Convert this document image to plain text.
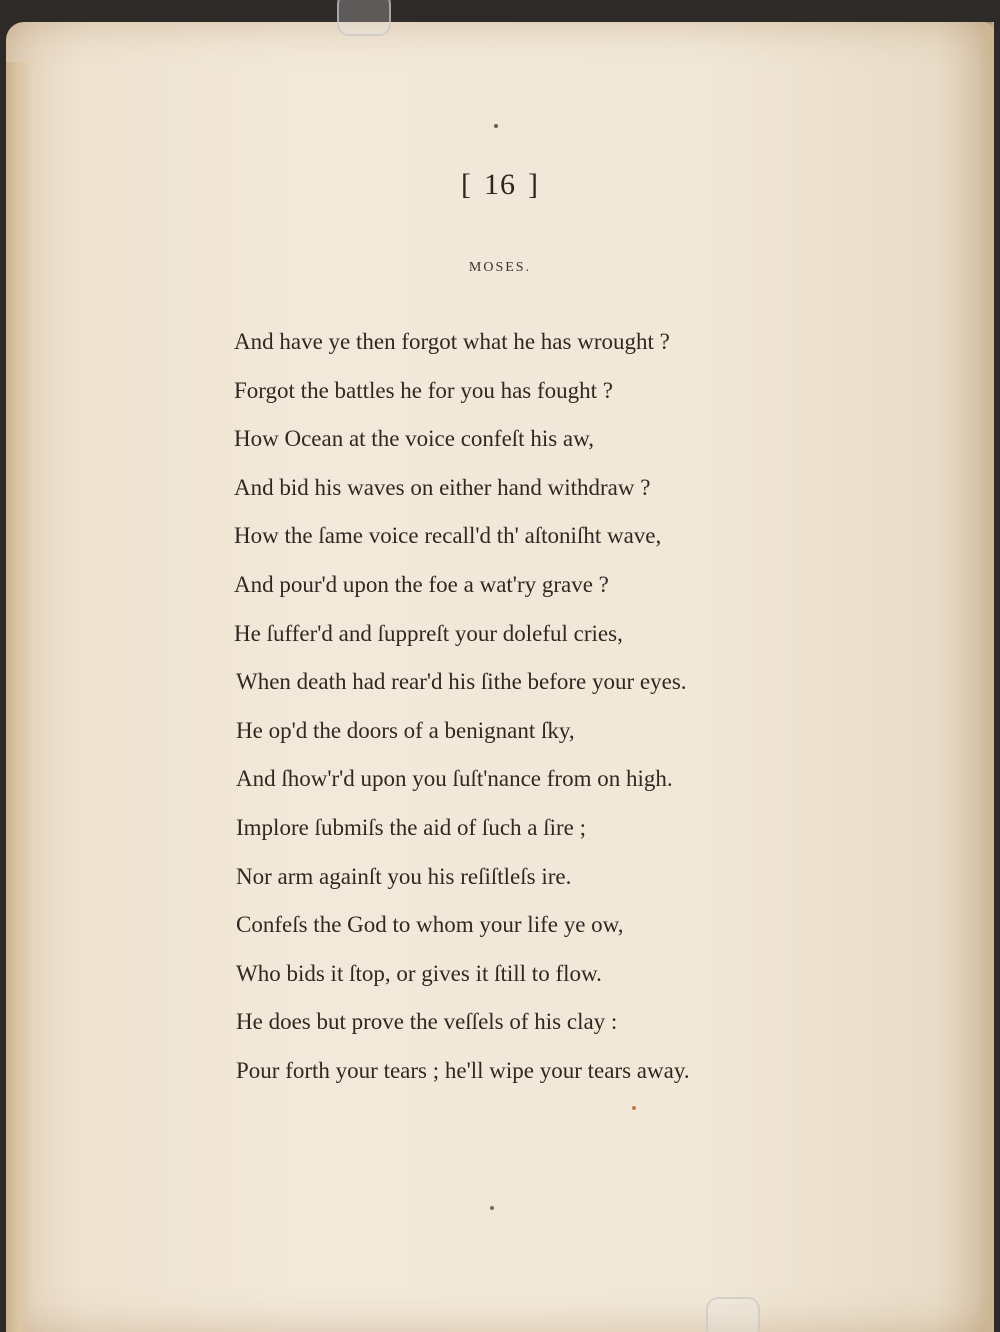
[ 16 ]
MOSES.
And have ye then forgot what he has wrought ?
Forgot the battles he for you has fought ?
How Ocean at the voice confeſt his aw,
And bid his waves on either hand withdraw ?
How the ſame voice recall'd th' aſtoniſht wave,
And pour'd upon the foe a wat'ry grave ?
He ſuffer'd and ſuppreſt your doleful cries,
When death had rear'd his ſithe before your eyes.
He op'd the doors of a benignant ſky,
And ſhow'r'd upon you ſuſt'nance from on high.
Implore ſubmiſs the aid of ſuch a ſire ;
Nor arm againſt you his reſiſtleſs ire.
Confeſs the God to whom your life ye ow,
Who bids it ſtop, or gives it ſtill to flow.
He does but prove the veſſels of his clay :
Pour forth your tears ; he'll wipe your tears away.
